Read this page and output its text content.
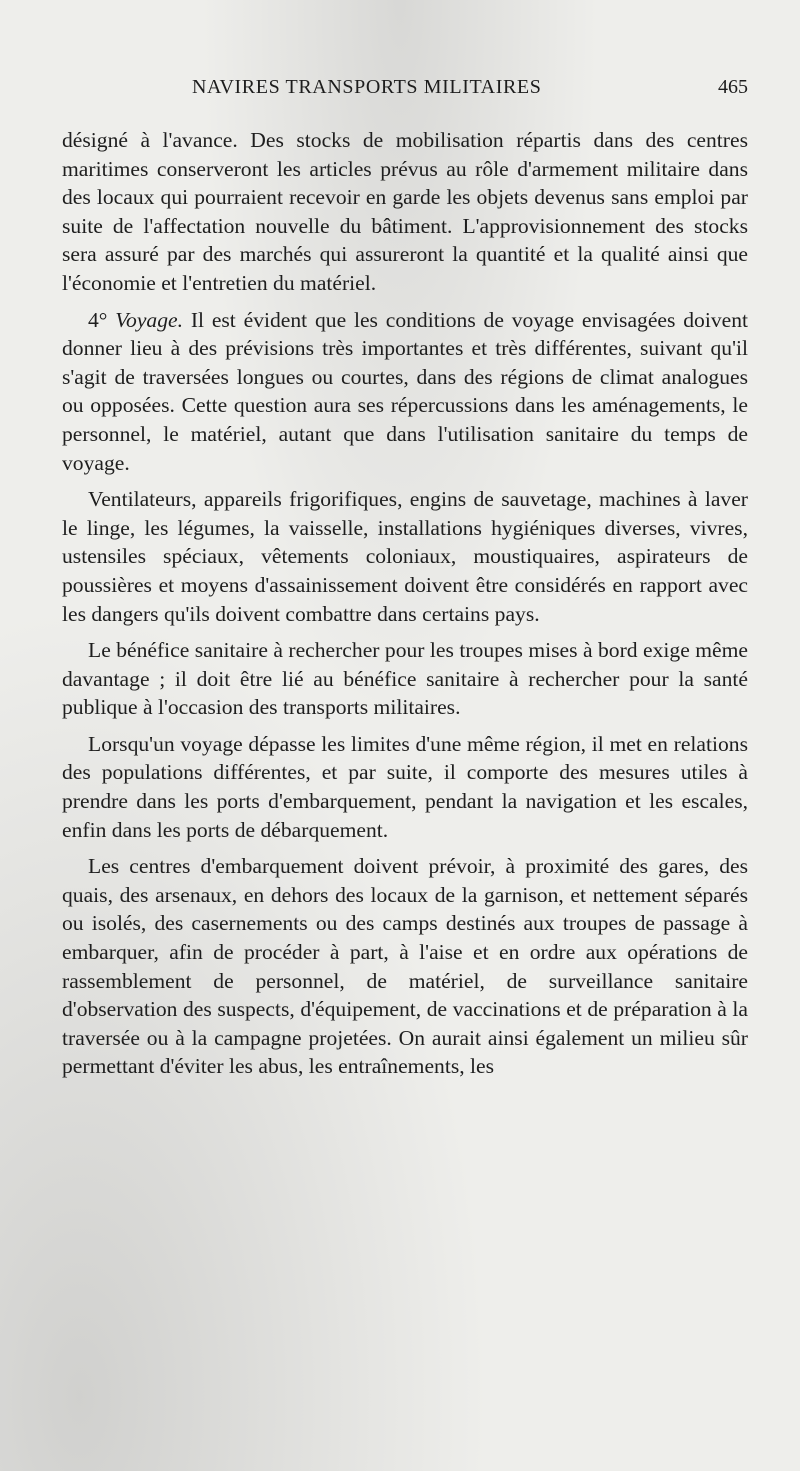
NAVIRES TRANSPORTS MILITAIRES	465

désigné à l'avance. Des stocks de mobilisation répartis dans des centres maritimes conserveront les articles prévus au rôle d'armement militaire dans des locaux qui pourraient recevoir en garde les objets devenus sans emploi par suite de l'affectation nouvelle du bâtiment. L'approvisionnement des stocks sera assuré par des marchés qui assureront la quantité et la qualité ainsi que l'économie et l'entretien du matériel.

4° Voyage. Il est évident que les conditions de voyage envisagées doivent donner lieu à des prévisions très importantes et très différentes, suivant qu'il s'agit de traversées longues ou courtes, dans des régions de climat analogues ou opposées. Cette question aura ses répercussions dans les aménagements, le personnel, le matériel, autant que dans l'utilisation sanitaire du temps de voyage.

Ventilateurs, appareils frigorifiques, engins de sauvetage, machines à laver le linge, les légumes, la vaisselle, installations hygiéniques diverses, vivres, ustensiles spéciaux, vêtements coloniaux, moustiquaires, aspirateurs de poussières et moyens d'assainissement doivent être considérés en rapport avec les dangers qu'ils doivent combattre dans certains pays.

Le bénéfice sanitaire à rechercher pour les troupes mises à bord exige même davantage ; il doit être lié au bénéfice sanitaire à rechercher pour la santé publique à l'occasion des transports militaires.

Lorsqu'un voyage dépasse les limites d'une même région, il met en relations des populations différentes, et par suite, il comporte des mesures utiles à prendre dans les ports d'embarquement, pendant la navigation et les escales, enfin dans les ports de débarquement.

Les centres d'embarquement doivent prévoir, à proximité des gares, des quais, des arsenaux, en dehors des locaux de la garnison, et nettement séparés ou isolés, des casernements ou des camps destinés aux troupes de passage à embarquer, afin de procéder à part, à l'aise et en ordre aux opérations de rassemblement de personnel, de matériel, de surveillance sanitaire d'observation des suspects, d'équipement, de vaccinations et de préparation à la traversée ou à la campagne projetées. On aurait ainsi également un milieu sûr permettant d'éviter les abus, les entraînements, les
